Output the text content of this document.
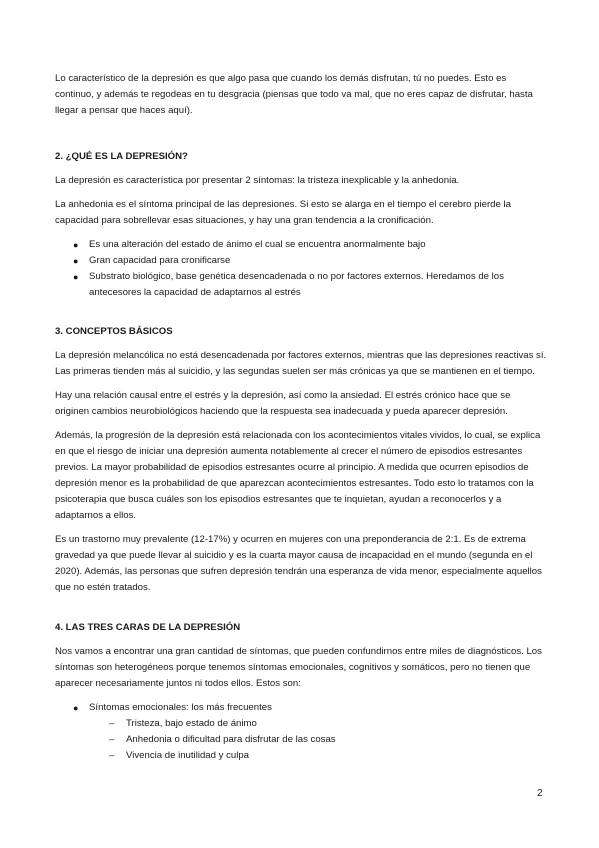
Lo característico de la depresión es que algo pasa que cuando los demás disfrutan, tú no puedes. Esto es continuo, y además te regodeas en tu desgracia (piensas que todo va mal, que no eres capaz de disfrutar, hasta llegar a pensar que haces aquí).

2. ¿QUÉ ES LA DEPRESIÓN?

La depresión es característica por presentar 2 síntomas: la tristeza inexplicable y la anhedonia.

La anhedonia es el síntoma principal de las depresiones. Si esto se alarga en el tiempo el cerebro pierde la capacidad para sobrellevar esas situaciones, y hay una gran tendencia a la cronificación.

● Es una alteración del estado de ánimo el cual se encuentra anormalmente bajo
● Gran capacidad para cronificarse
● Substrato biológico, base genética desencadenada o no por factores externos. Heredamos de los antecesores la capacidad de adaptarnos al estrés
3. CONCEPTOS BÁSICOS

La depresión melancólica no está desencadenada por factores externos, mientras que las depresiones reactivas sí. Las primeras tienden más al suicidio, y las segundas suelen ser más crónicas ya que se mantienen en el tiempo.

Hay una relación causal entre el estrés y la depresión, así como la ansiedad. El estrés crónico hace que se originen cambios neurobiológicos haciendo que la respuesta sea inadecuada y pueda aparecer depresión.

Además, la progresión de la depresión está relacionada con los acontecimientos vitales vividos, lo cual, se explica en que el riesgo de iniciar una depresión aumenta notablemente al crecer el número de episodios estresantes previos. La mayor probabilidad de episodios estresantes ocurre al principio. A medida que ocurren episodios de depresión menor es la probabilidad de que aparezcan acontecimientos estresantes. Todo esto lo tratamos con la psicoterapia que busca cuáles son los episodios estresantes que te inquietan, ayudan a reconocerlos y a adaptarnos a ellos.

Es un trastorno muy prevalente (12-17%) y ocurren en mujeres con una preponderancia de 2:1. Es de extrema gravedad ya que puede llevar al suicidio y es la cuarta mayor causa de incapacidad en el mundo (segunda en el 2020). Además, las personas que sufren depresión tendrán una esperanza de vida menor, especialmente aquellos que no estén tratados.

4. LAS TRES CARAS DE LA DEPRESIÓN

Nos vamos a encontrar una gran cantidad de síntomas, que pueden confundirnos entre miles de diagnósticos. Los síntomas son heterogéneos porque tenemos síntomas emocionales, cognitivos y somáticos, pero no tienen que aparecer necesariamente juntos ni todos ellos. Estos son:

● Síntomas emocionales: los más frecuentes
– Tristeza, bajo estado de ánimo
– Anhedonia o dificultad para disfrutar de las cosas
– Vivencia de inutilidad y culpa
2
